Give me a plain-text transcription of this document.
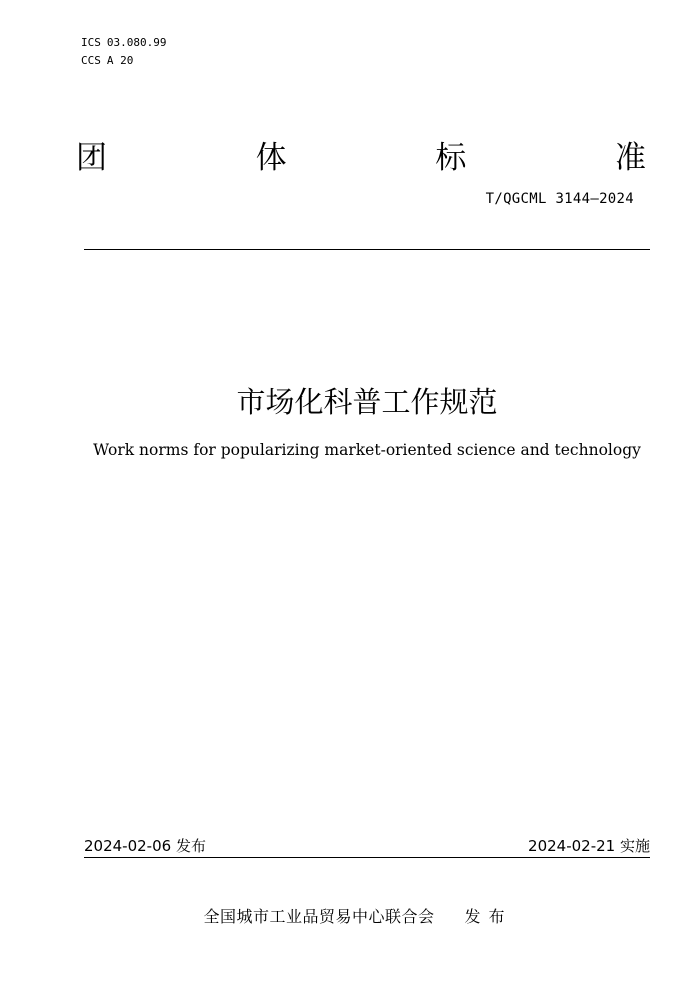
ICS 03.080.99
CCS A 20
团	体	标	准
T/QGCML 3144—2024
市场化科普工作规范
Work norms for popularizing market-oriented science and technology
2024-02-06 发布	2024-02-21 实施
全国城市工业品贸易中心联合会 发布
